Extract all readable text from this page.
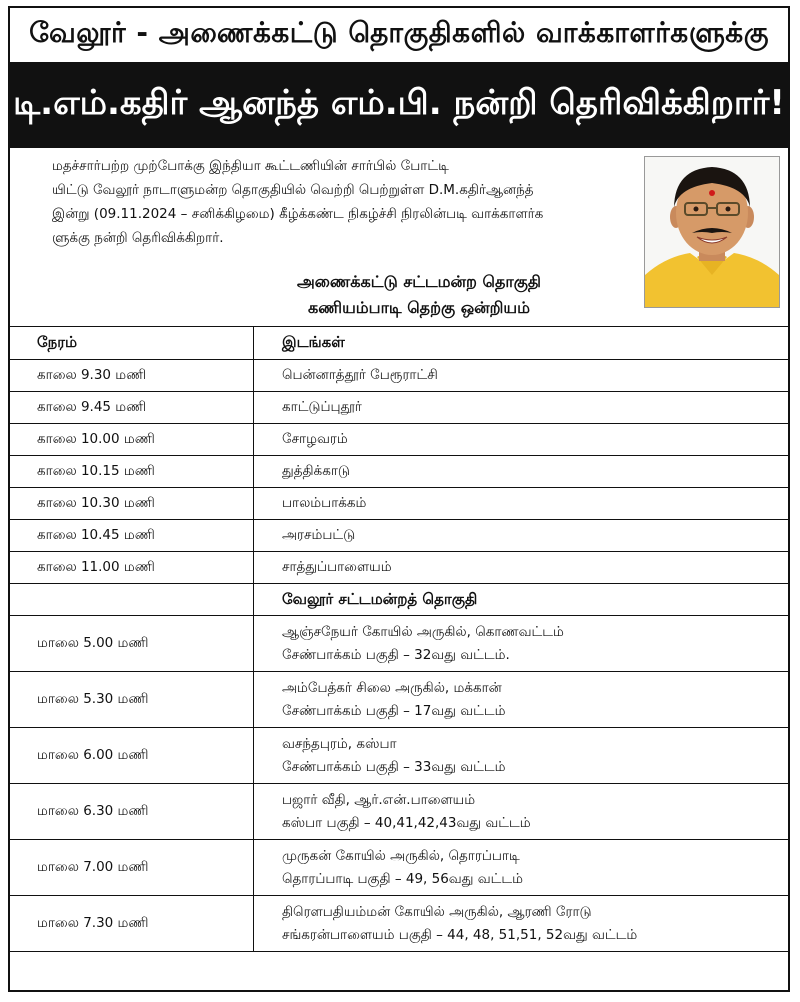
வேலூர் - அணைக்கட்டு தொகுதிகளில் வாக்காளர்களுக்கு
டி.எம்.கதிர் ஆனந்த் எம்.பி. நன்றி தெரிவிக்கிறார்!
மதச்சார்பற்ற முற்போக்கு இந்தியா கூட்டணியின் சார்பில் போட்டி
யிட்டு வேலூர் நாடாளுமன்ற தொகுதியில் வெற்றி பெற்றுள்ள D.M.கதிர்ஆனந்த்
இன்று (09.11.2024 – சனிக்கிழமை) கீழ்க்கண்ட நிகழ்ச்சி நிரலின்படி வாக்காளர்க
ளுக்கு நன்றி தெரிவிக்கிறார்.
அணைக்கட்டு சட்டமன்ற தொகுதி
கணியம்பாடி தெற்கு ஒன்றியம்
நேரம்	இடங்கள்
காலை 9.30 மணி	பென்னாத்தூர் பேரூராட்சி
காலை 9.45 மணி	காட்டுப்புதூர்
காலை 10.00 மணி	சோழவரம்
காலை 10.15 மணி	துத்திக்காடு
காலை 10.30 மணி	பாலம்பாக்கம்
காலை 10.45 மணி	அரசம்பட்டு
காலை 11.00 மணி	சாத்துப்பாளையம்
	வேலூர் சட்டமன்றத் தொகுதி
மாலை 5.00 மணி	ஆஞ்சநேயர் கோயில் அருகில், கொணவட்டம்
சேண்பாக்கம் பகுதி – 32வது வட்டம்.

மாலை 5.30 மணி	அம்பேத்கர் சிலை அருகில், மக்கான்
சேண்பாக்கம் பகுதி – 17வது வட்டம்

மாலை 6.00 மணி	வசந்தபுரம், கஸ்பா
சேண்பாக்கம் பகுதி – 33வது வட்டம்

மாலை 6.30 மணி	பஜார் வீதி, ஆர்.என்.பாளையம்
கஸ்பா பகுதி – 40,41,42,43வது வட்டம்

மாலை 7.00 மணி	முருகன் கோயில் அருகில், தொரப்பாடி
தொரப்பாடி பகுதி – 49, 56வது வட்டம்

மாலை 7.30 மணி	திரௌபதியம்மன் கோயில் அருகில், ஆரணி ரோடு
சங்கரன்பாளையம் பகுதி – 44, 48, 51,51, 52வது வட்டம்
